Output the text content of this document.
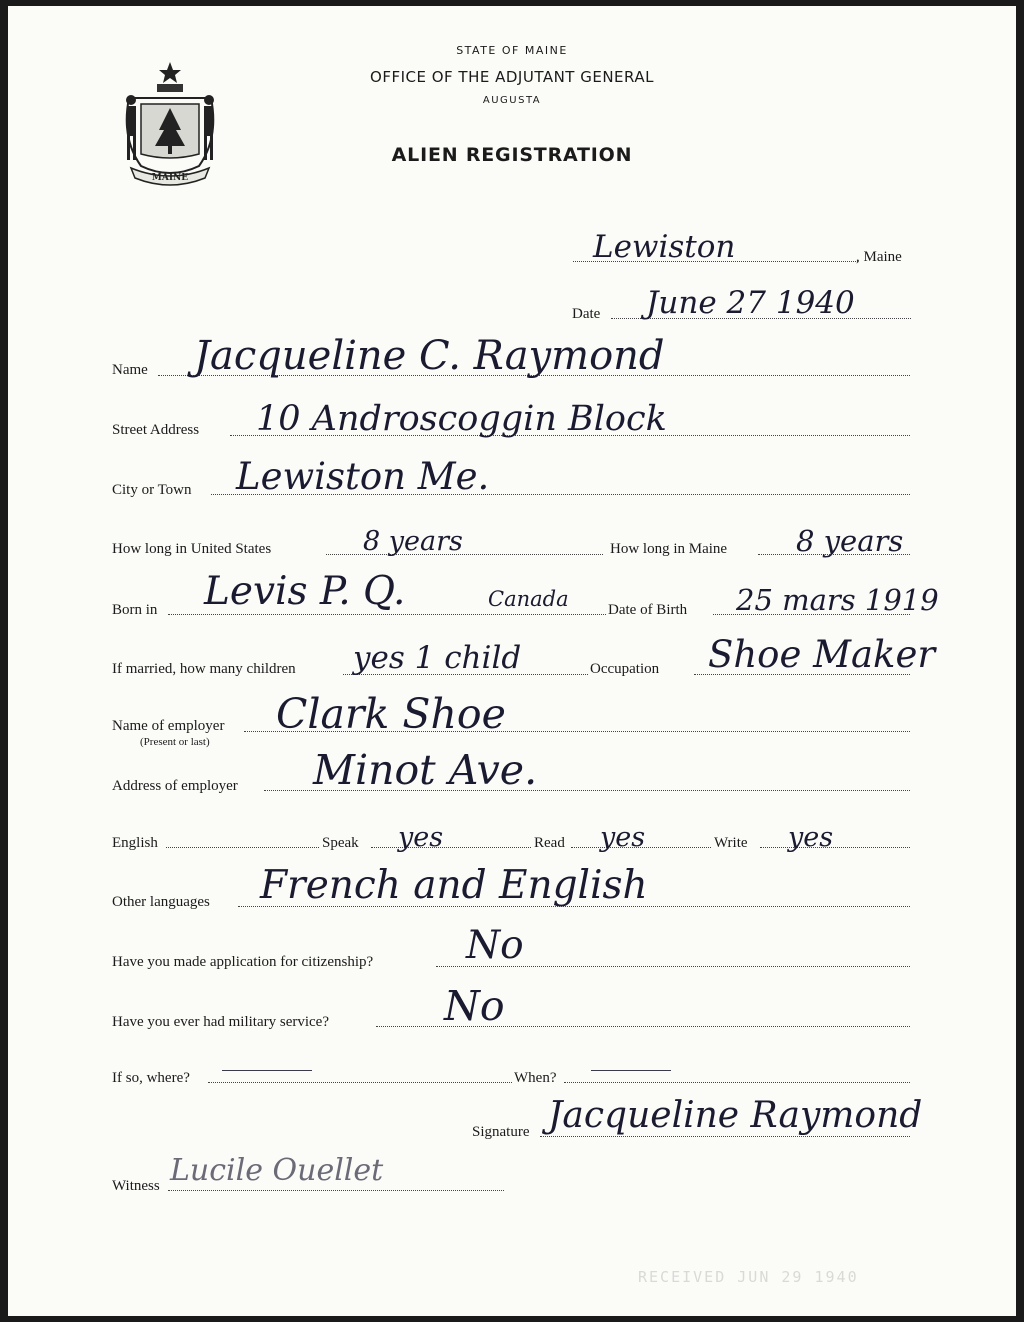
MAINE
STATE OF MAINE
OFFICE OF THE ADJUTANT GENERAL
AUGUSTA
ALIEN REGISTRATION
Lewiston	, Maine
Date June 27 1940
Name Jacqueline C. Raymond
Street Address 10 Androscoggin Block
City or Town Lewiston Me.
How long in United States	8 years	How long in Maine 8 years
Born in Levis P. Q.	Canada	Date of Birth 25 mars 1919
If married, how many children yes 1 child	Occupation Shoe Maker
Name of employer
(Present or last)
Clark Shoe
Address of employer Minot Ave.
English	Speak yes	Read yes	Write yes
Other languages French and English
Have you made application for citizenship? No
Have you ever had military service?	No
If so, where?	When?
Signature Jacqueline Raymond
Witness Lucile Ouellet
RECEIVED JUN 29 1940
